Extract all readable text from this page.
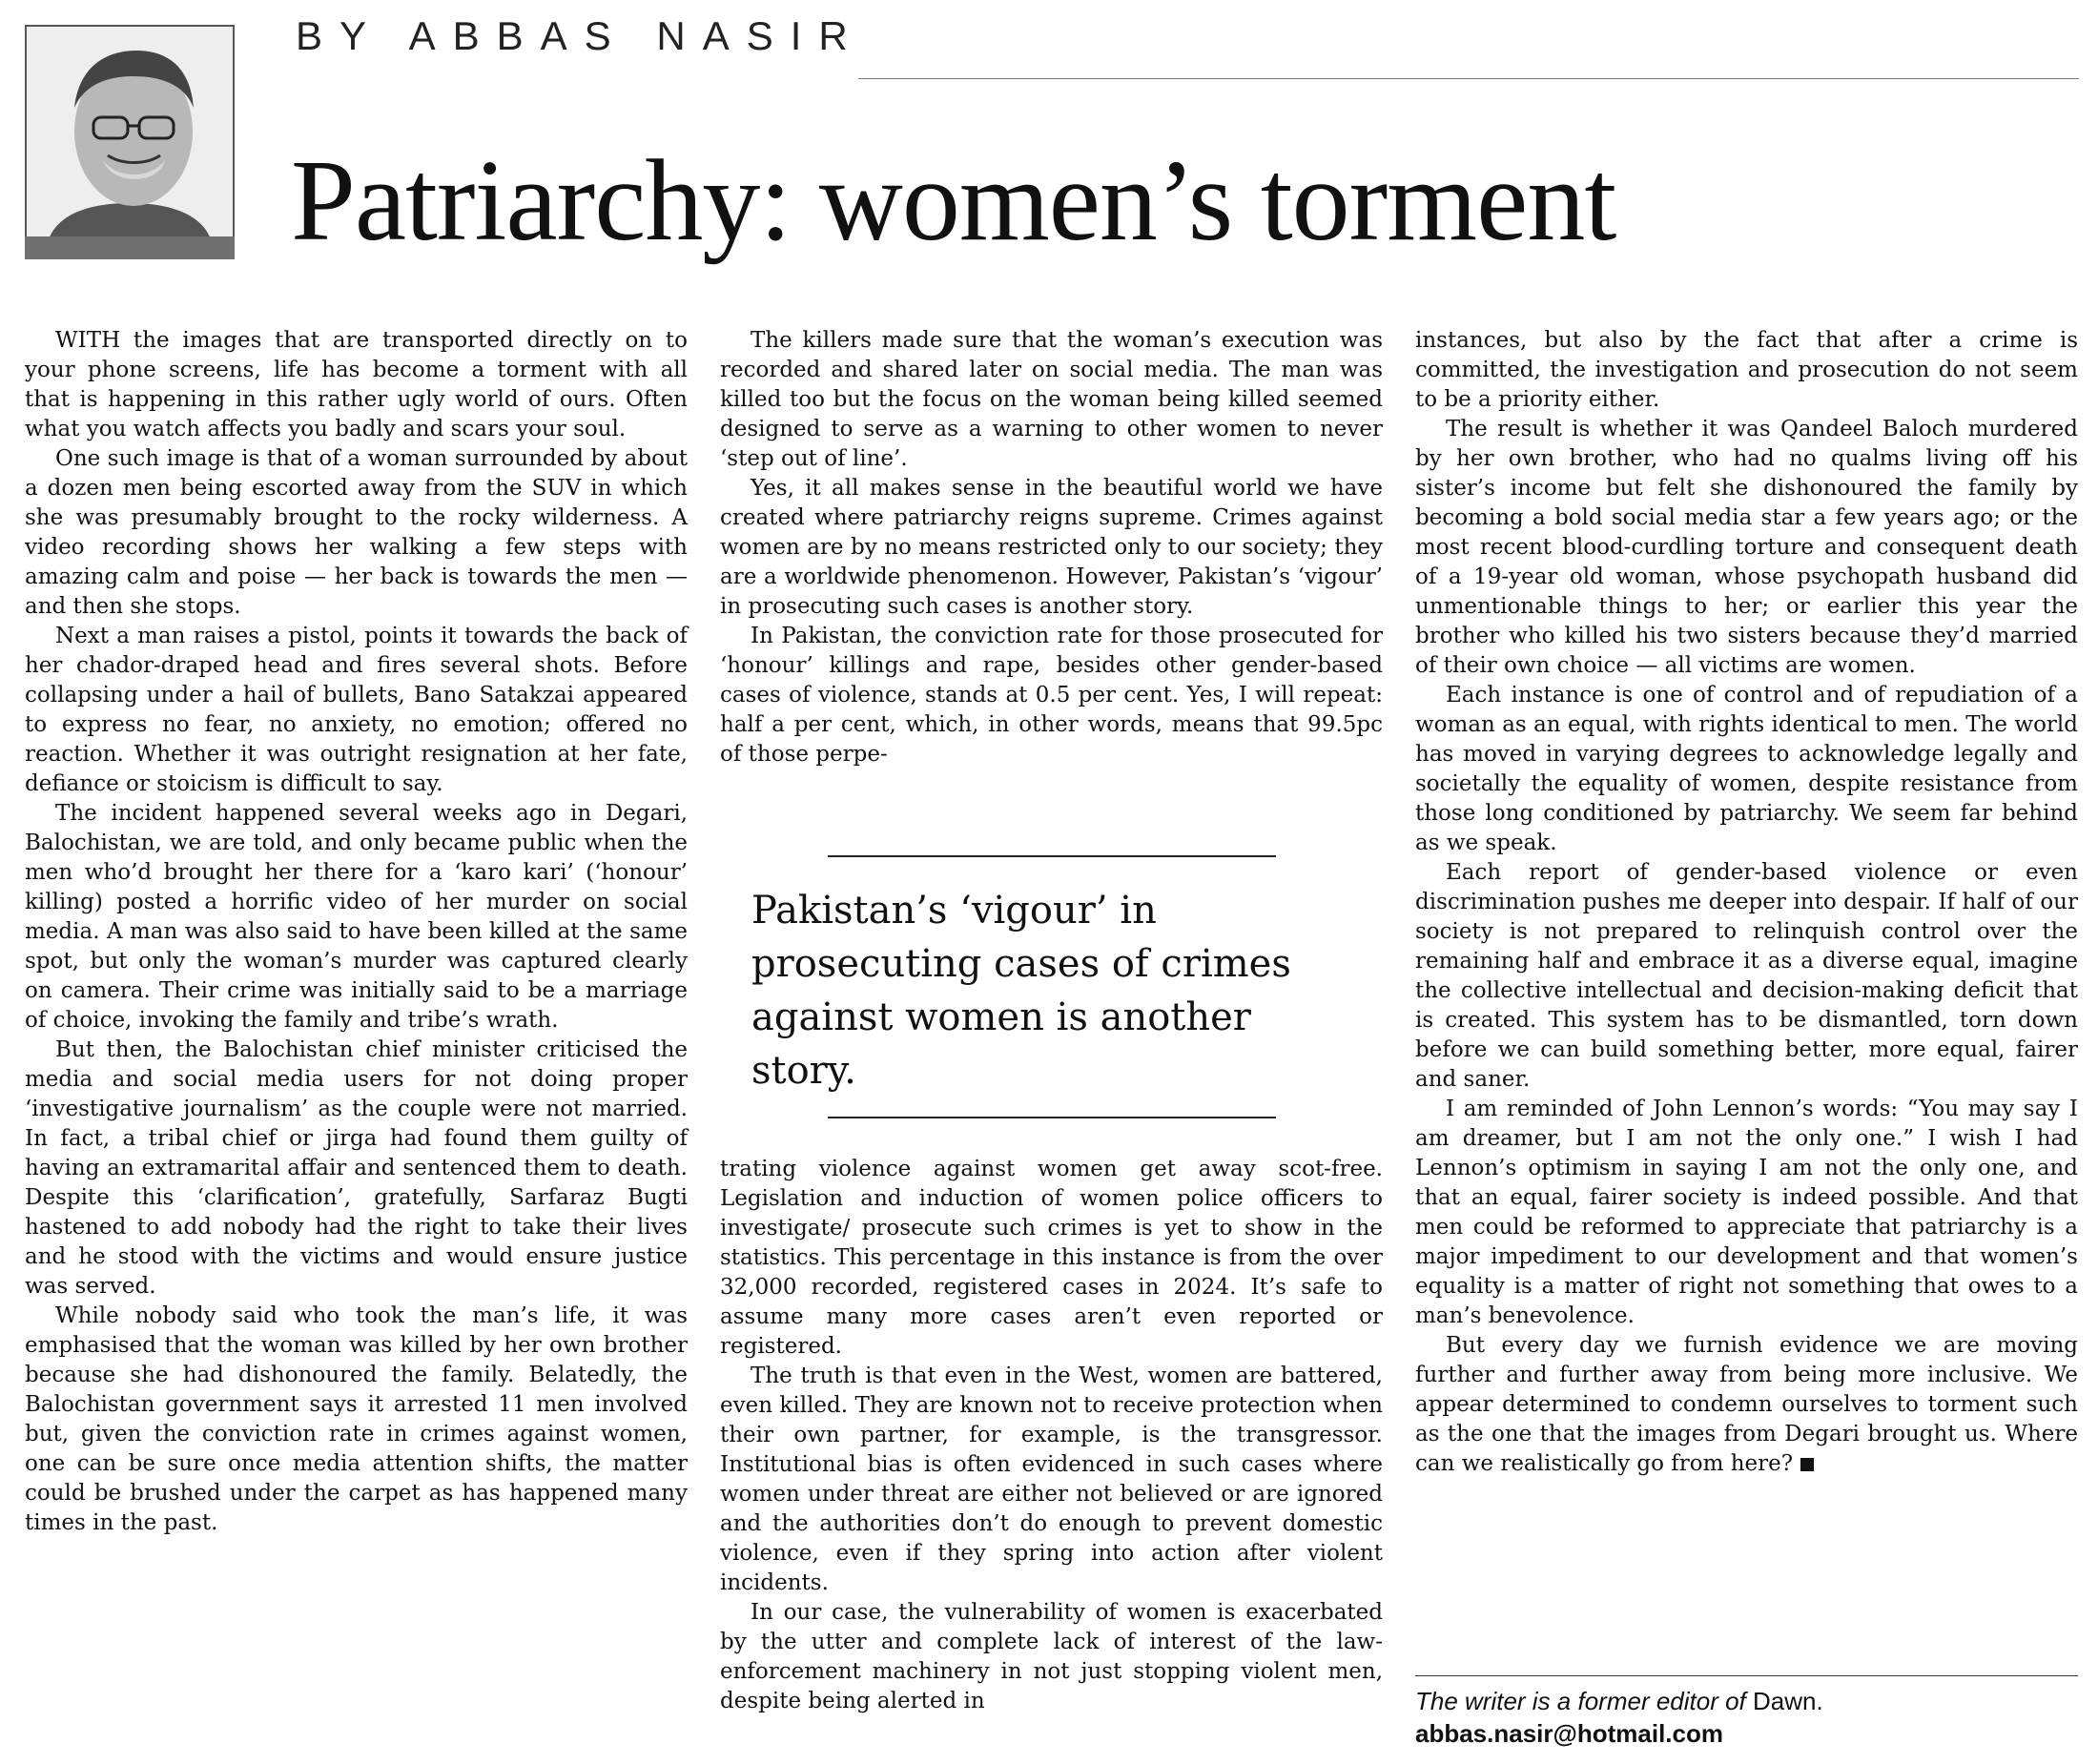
BY ABBAS NASIR
Patriarchy: women’s torment

WITH the images that are transported directly on to your phone screens, life has become a torment with all that is happening in this rather ugly world of ours. Often what you watch affects you badly and scars your soul.

One such image is that of a woman surrounded by about a dozen men being escorted away from the SUV in which she was presumably brought to the rocky wilderness. A video recording shows her walking a few steps with amazing calm and poise — her back is towards the men — and then she stops.

Next a man raises a pistol, points it towards the back of her chador-draped head and fires several shots. Before collapsing under a hail of bullets, Bano Satakzai appeared to express no fear, no anxiety, no emotion; offered no reaction. Whether it was outright resignation at her fate, defiance or stoicism is difficult to say.

The incident happened several weeks ago in Degari, Balochistan, we are told, and only became public when the men who’d brought her there for a ‘karo kari’ (‘honour’ killing) posted a horrific video of her murder on social media. A man was also said to have been killed at the same spot, but only the woman’s murder was captured clearly on camera. Their crime was initially said to be a marriage of choice, invoking the family and tribe’s wrath.

But then, the Balochistan chief minister criticised the media and social media users for not doing proper ‘investigative journalism’ as the couple were not married. In fact, a tribal chief or jirga had found them guilty of having an extramarital affair and sentenced them to death. Despite this ‘clarification’, gratefully, Sarfaraz Bugti hastened to add nobody had the right to take their lives and he stood with the victims and would ensure justice was served.

While nobody said who took the man’s life, it was emphasised that the woman was killed by her own brother because she had dishonoured the family. Belatedly, the Balochistan government says it arrested 11 men involved but, given the conviction rate in crimes against women, one can be sure once media attention shifts, the matter could be brushed under the carpet as has happened many times in the past.

The killers made sure that the woman’s execution was recorded and shared later on social media. The man was killed too but the focus on the woman being killed seemed designed to serve as a warning to other women to never ‘step out of line’.

Yes, it all makes sense in the beautiful world we have created where patriarchy reigns supreme. Crimes against women are by no means restricted only to our society; they are a worldwide phenomenon. However, Pakistan’s ‘vigour’ in prosecuting such cases is another story.

In Pakistan, the conviction rate for those prosecuted for ‘honour’ killings and rape, besides other gender-based cases of violence, stands at 0.5 per cent. Yes, I will repeat: half a per cent, which, in other words, means that 99.5pc of those perpe-

Pakistan’s ‘vigour’ in prosecuting cases of crimes against women is another story.

trating violence against women get away scot-free. Legislation and induction of women police officers to investigate/ prosecute such crimes is yet to show in the statistics. This percentage in this instance is from the over 32,000 recorded, registered cases in 2024. It’s safe to assume many more cases aren’t even reported or registered.

The truth is that even in the West, women are battered, even killed. They are known not to receive protection when their own partner, for example, is the transgressor. Institutional bias is often evidenced in such cases where women under threat are either not believed or are ignored and the authorities don’t do enough to prevent domestic violence, even if they spring into action after violent incidents.

In our case, the vulnerability of women is exacerbated by the utter and complete lack of interest of the law-enforcement machinery in not just stopping violent men, despite being alerted in

instances, but also by the fact that after a crime is committed, the investigation and prosecution do not seem to be a priority either.

The result is whether it was Qandeel Baloch murdered by her own brother, who had no qualms living off his sister’s income but felt she dishonoured the family by becoming a bold social media star a few years ago; or the most recent blood-curdling torture and consequent death of a 19-year old woman, whose psychopath husband did unmentionable things to her; or earlier this year the brother who killed his two sisters because they’d married of their own choice — all victims are women.

Each instance is one of control and of repudiation of a woman as an equal, with rights identical to men. The world has moved in varying degrees to acknowledge legally and societally the equality of women, despite resistance from those long conditioned by patriarchy. We seem far behind as we speak.

Each report of gender-based violence or even discrimination pushes me deeper into despair. If half of our society is not prepared to relinquish control over the remaining half and embrace it as a diverse equal, imagine the collective intellectual and decision-making deficit that is created. This system has to be dismantled, torn down before we can build something better, more equal, fairer and saner.

I am reminded of John Lennon’s words: “You may say I am dreamer, but I am not the only one.” I wish I had Lennon’s optimism in saying I am not the only one, and that an equal, fairer society is indeed possible. And that men could be reformed to appreciate that patriarchy is a major impediment to our development and that women’s equality is a matter of right not something that owes to a man’s benevolence.

But every day we furnish evidence we are moving further and further away from being more inclusive. We appear determined to condemn ourselves to torment such as the one that the images from Degari brought us. Where can we realistically go from here?

The writer is a former editor of Dawn.
abbas.nasir@hotmail.com
